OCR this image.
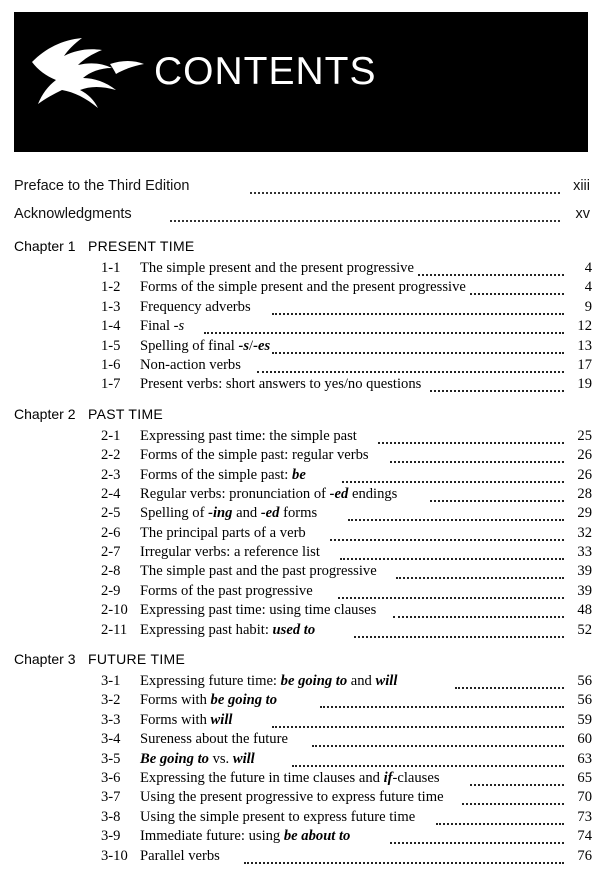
CONTENTS
Preface to the Third Edition	xiii
Acknowledgments	xv
Chapter 1 PRESENT TIME
1-1	The simple present and the present progressive	4
1-2	Forms of the simple present and the present progressive	4
1-3	Frequency adverbs	9
1-4	Final -s	12
1-5	Spelling of final -s/-es	13
1-6	Non-action verbs	17
1-7	Present verbs: short answers to yes/no questions	19
Chapter 2 PAST TIME
2-1	Expressing past time: the simple past	25
2-2	Forms of the simple past: regular verbs	26
2-3	Forms of the simple past: be	26
2-4	Regular verbs: pronunciation of -ed endings	28
2-5	Spelling of -ing and -ed forms	29
2-6	The principal parts of a verb	32
2-7	Irregular verbs: a reference list	33
2-8	The simple past and the past progressive	39
2-9	Forms of the past progressive	39
2-10 Expressing past time: using time clauses	48
2-11 Expressing past habit: used to	52
Chapter 3 FUTURE TIME
3-1	Expressing future time: be going to and will	56
3-2	Forms with be going to	56
3-3	Forms with will	59
3-4	Sureness about the future	60
3-5	Be going to vs. will	63
3-6	Expressing the future in time clauses and if-clauses	65
3-7	Using the present progressive to express future time	70
3-8	Using the simple present to express future time	73
3-9	Immediate future: using be about to	74
3-10 Parallel verbs	76
